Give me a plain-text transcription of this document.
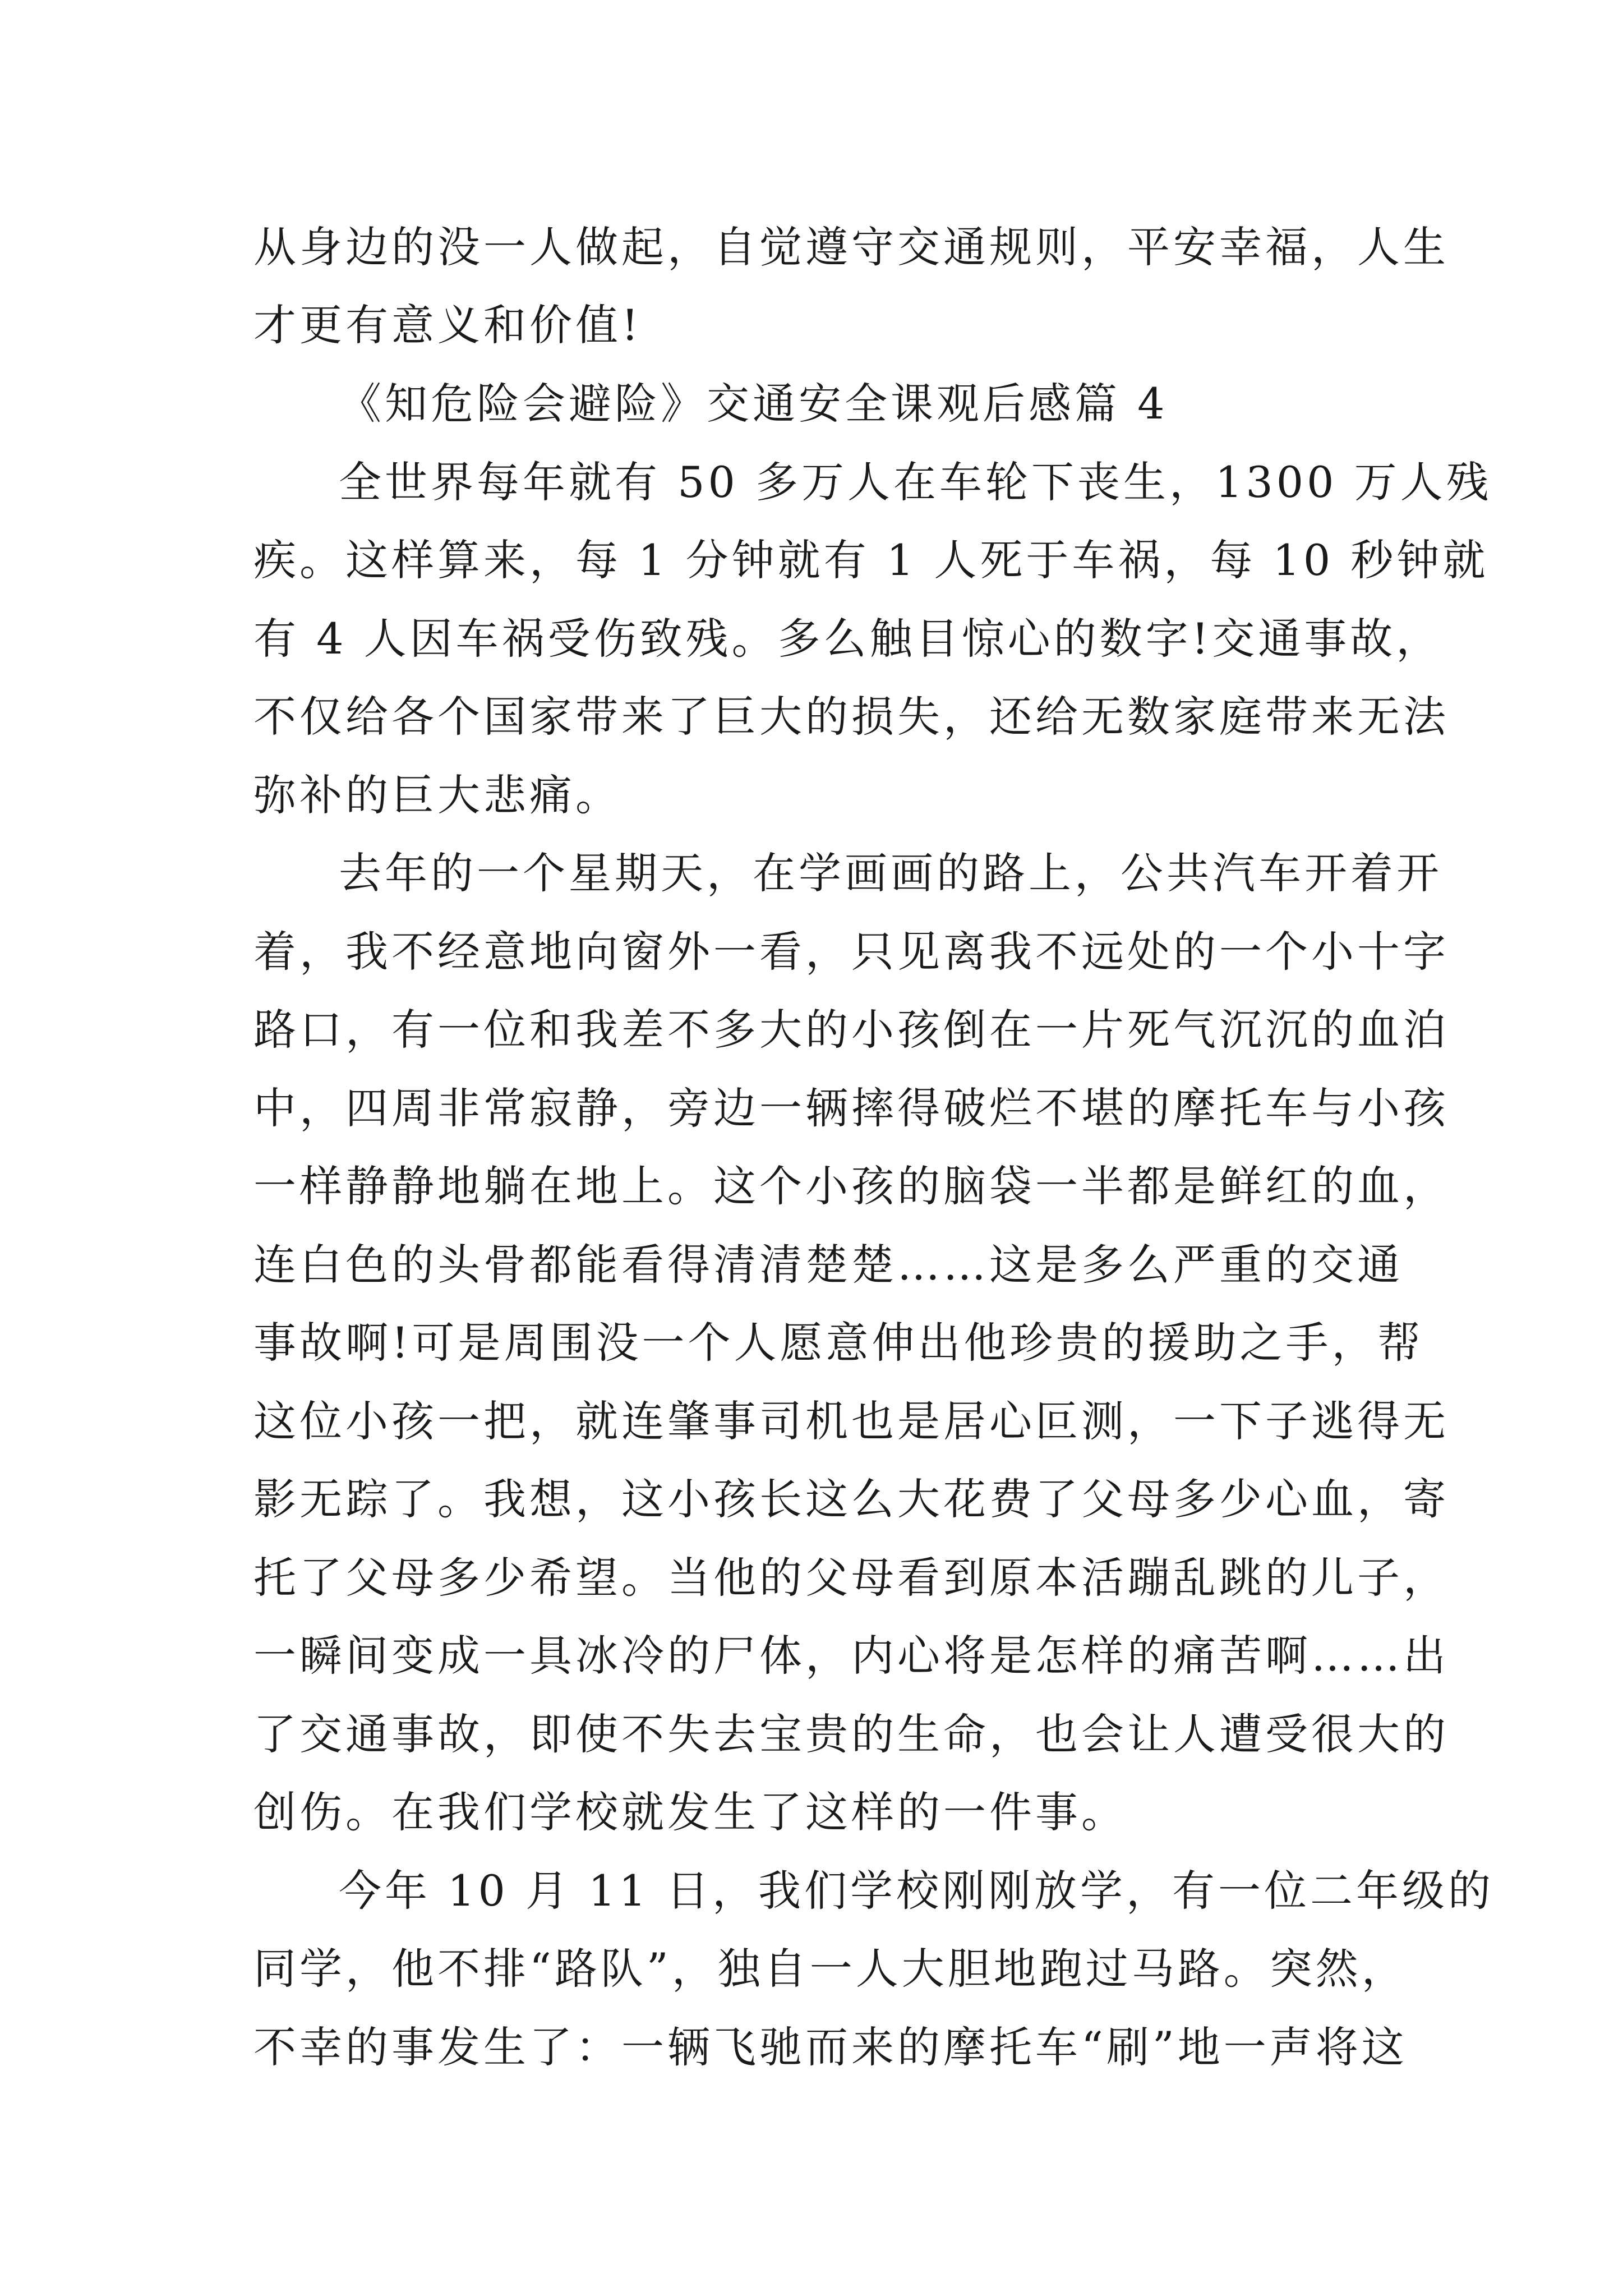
从身边的没一人做起，自觉遵守交通规则，平安幸福，人生
才更有意义和价值!
《知危险会避险》交通安全课观后感篇 4
全世界每年就有 50 多万人在车轮下丧生，1300 万人残
疾。这样算来，每 1 分钟就有 1 人死于车祸，每 10 秒钟就
有 4 人因车祸受伤致残。多么触目惊心的数字!交通事故，
不仅给各个国家带来了巨大的损失，还给无数家庭带来无法
弥补的巨大悲痛。
去年的一个星期天，在学画画的路上，公共汽车开着开
着，我不经意地向窗外一看，只见离我不远处的一个小十字
路口，有一位和我差不多大的小孩倒在一片死气沉沉的血泊
中，四周非常寂静，旁边一辆摔得破烂不堪的摩托车与小孩
一样静静地躺在地上。这个小孩的脑袋一半都是鲜红的血，
连白色的头骨都能看得清清楚楚……这是多么严重的交通
事故啊!可是周围没一个人愿意伸出他珍贵的援助之手，帮
这位小孩一把，就连肇事司机也是居心叵测，一下子逃得无
影无踪了。我想，这小孩长这么大花费了父母多少心血，寄
托了父母多少希望。当他的父母看到原本活蹦乱跳的儿子，
一瞬间变成一具冰冷的尸体，内心将是怎样的痛苦啊……出
了交通事故，即使不失去宝贵的生命，也会让人遭受很大的
创伤。在我们学校就发生了这样的一件事。
今年 10 月 11 日，我们学校刚刚放学，有一位二年级的
同学，他不排“路队”，独自一人大胆地跑过马路。突然，
不幸的事发生了：一辆飞驰而来的摩托车“刷”地一声将这
